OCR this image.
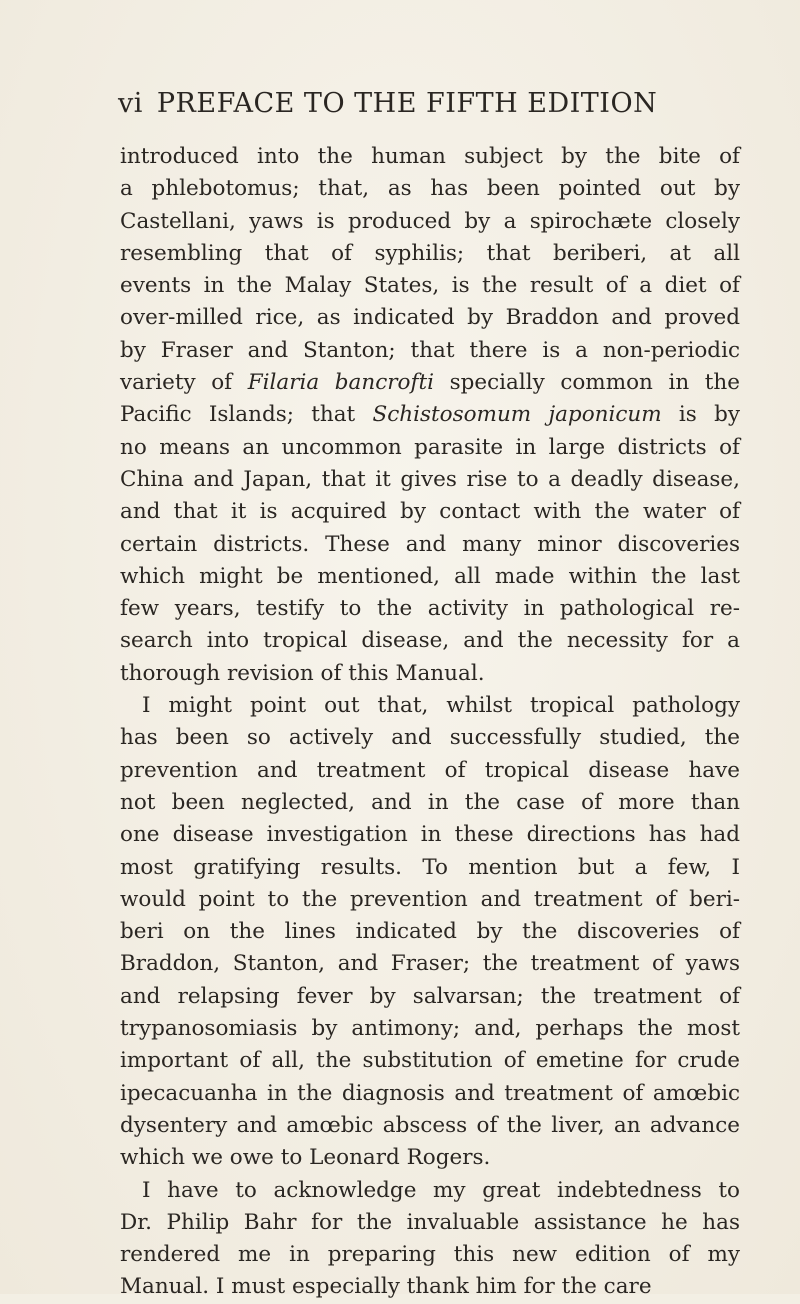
vi PREFACE TO THE FIFTH EDITION
introduced into the human subject by the bite of
a phlebotomus; that, as has been pointed out by
Castellani, yaws is produced by a spirochæte closely
resembling that of syphilis; that beriberi, at all
events in the Malay States, is the result of a diet of
over-milled rice, as indicated by Braddon and proved
by Fraser and Stanton; that there is a non-periodic
variety of Filaria bancrofti specially common in the
Pacific Islands; that Schistosomum japonicum is by
no means an uncommon parasite in large districts of
China and Japan, that it gives rise to a deadly disease,
and that it is acquired by contact with the water of
certain districts. These and many minor discoveries
which might be mentioned, all made within the last
few years, testify to the activity in pathological re-
search into tropical disease, and the necessity for a
thorough revision of this Manual.
I might point out that, whilst tropical pathology
has been so actively and successfully studied, the
prevention and treatment of tropical disease have
not been neglected, and in the case of more than
one disease investigation in these directions has had
most gratifying results. To mention but a few, I
would point to the prevention and treatment of beri-
beri on the lines indicated by the discoveries of
Braddon, Stanton, and Fraser; the treatment of yaws
and relapsing fever by salvarsan; the treatment of
trypanosomiasis by antimony; and, perhaps the most
important of all, the substitution of emetine for crude
ipecacuanha in the diagnosis and treatment of amœbic
dysentery and amœbic abscess of the liver, an advance
which we owe to Leonard Rogers.
I have to acknowledge my great indebtedness to
Dr. Philip Bahr for the invaluable assistance he has
rendered me in preparing this new edition of my
Manual. I must especially thank him for the care
